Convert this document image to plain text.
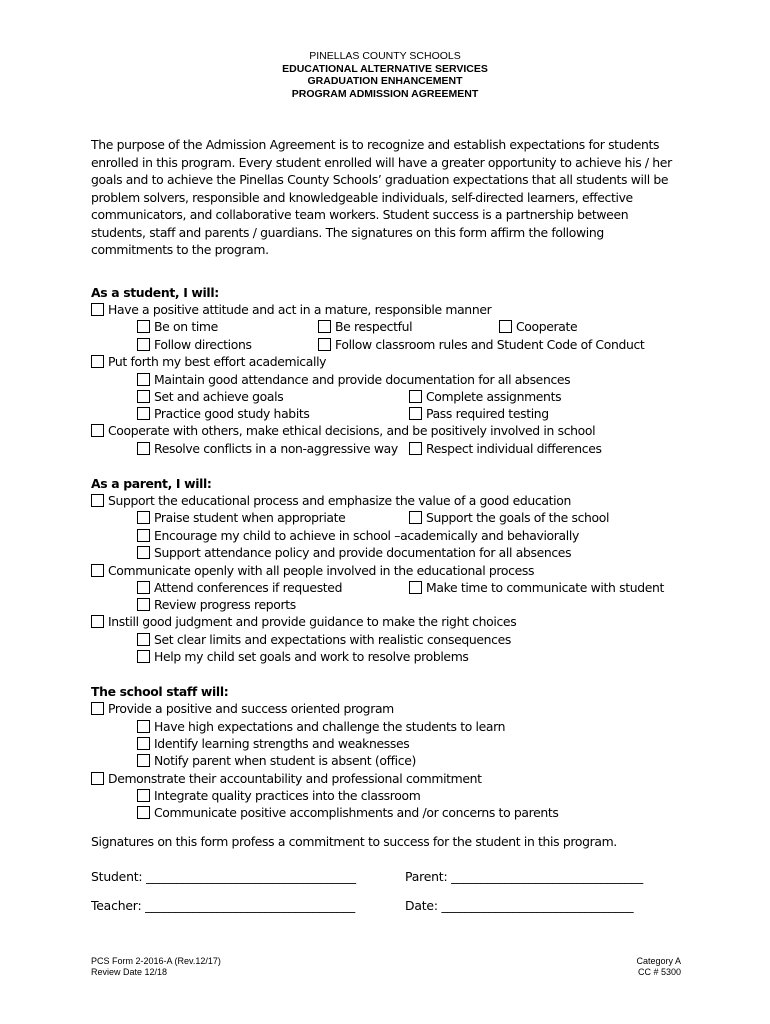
PINELLAS COUNTY SCHOOLS
EDUCATIONAL ALTERNATIVE SERVICES
GRADUATION ENHANCEMENT
PROGRAM ADMISSION AGREEMENT
The purpose of the Admission Agreement is to recognize and establish expectations for students enrolled in this program. Every student enrolled will have a greater opportunity to achieve his / her goals and to achieve the Pinellas County Schools’ graduation expectations that all students will be problem solvers, responsible and knowledgeable individuals, self-directed learners, effective communicators, and collaborative team workers. Student success is a partnership between students, staff and parents / guardians. The signatures on this form affirm the following commitments to the program.
As a student, I will:
Have a positive attitude and act in a mature, responsible manner
Be on time	Be respectful	Cooperate
Follow directions	Follow classroom rules and Student Code of Conduct
Put forth my best effort academically
Maintain good attendance and provide documentation for all absences
Set and achieve goals	Complete assignments
Practice good study habits	Pass required testing
Cooperate with others, make ethical decisions, and be positively involved in school
Resolve conflicts in a non-aggressive way Respect individual differences
As a parent, I will:
Support the educational process and emphasize the value of a good education
Praise student when appropriate	Support the goals of the school
Encourage my child to achieve in school –academically and behaviorally
Support attendance policy and provide documentation for all absences
Communicate openly with all people involved in the educational process
Attend conferences if requested	Make time to communicate with student
Review progress reports
Instill good judgment and provide guidance to make the right choices
Set clear limits and expectations with realistic consequences
Help my child set goals and work to resolve problems
The school staff will:
Provide a positive and success oriented program
Have high expectations and challenge the students to learn
Identify learning strengths and weaknesses
Notify parent when student is absent (office)
Demonstrate their accountability and professional commitment
Integrate quality practices into the classroom
Communicate positive accomplishments and /or concerns to parents
Signatures on this form profess a commitment to success for the student in this program.
Student: ___________________________________	Parent: ________________________________
Teacher: ___________________________________	Date: ________________________________
PCS Form 2-2016-A (Rev.12/17)
Review Date 12/18
Category A
CC # 5300
